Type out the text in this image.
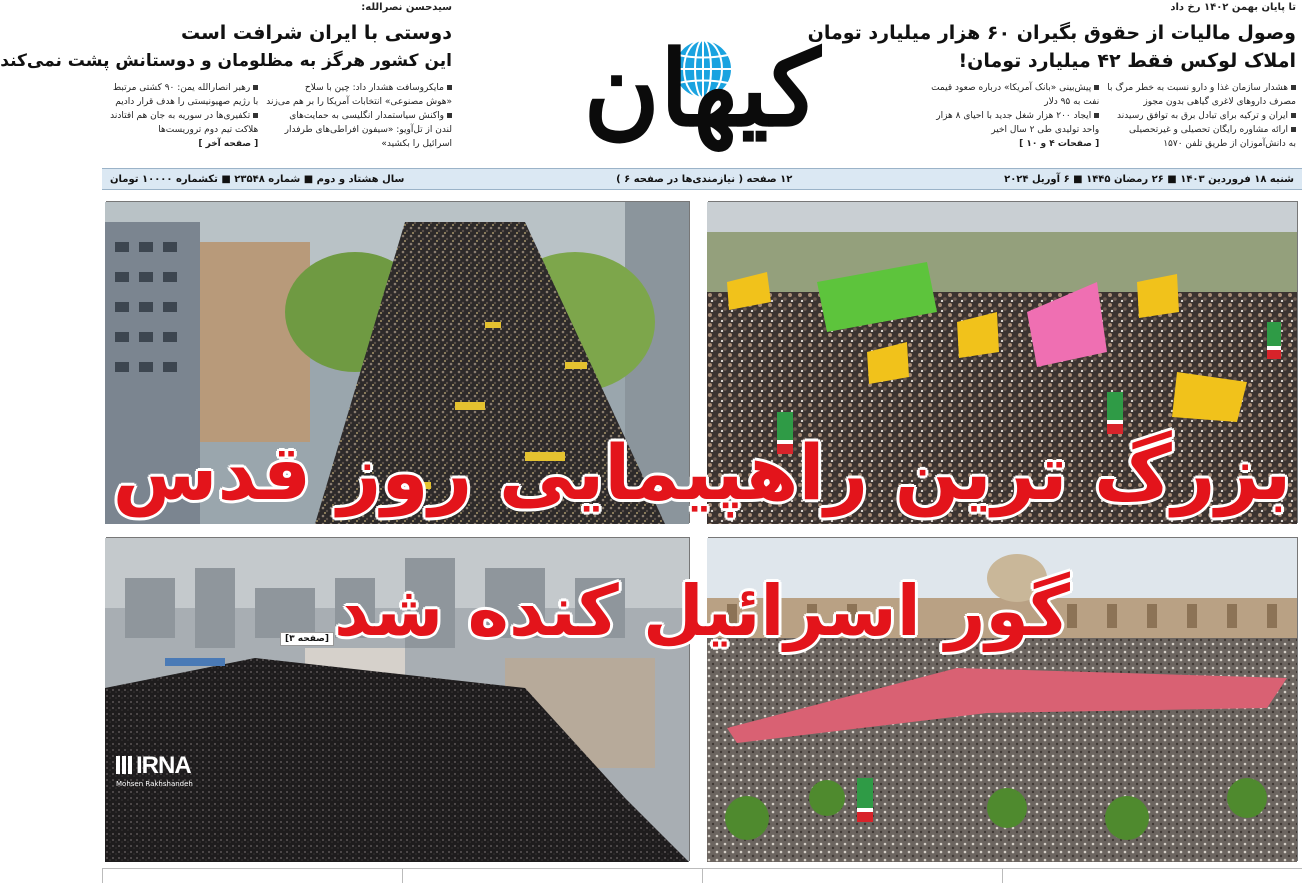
تا پایان بهمن ۱۴۰۲ رخ داد
وصول مالیات از حقوق بگیران ۶۰ هزار میلیارد تومان
املاک لوکس فقط ۴۲ میلیارد تومان!

هشدار سازمان غذا و دارو نسبت به خطر مرگ با

مصرف داروهای لاغری گیاهی بدون مجوز

ایران و ترکیه برای تبادل برق به توافق رسیدند

ارائه مشاوره رایگان تحصیلی و غیرتحصیلی

به دانش‌آموزان از طریق تلفن ۱۵۷۰

پیش‌بینی «بانک آمریکا» درباره صعود قیمت

نفت به ۹۵ دلار

ایجاد ۲۰۰ هزار شغل جدید با احیای ۸ هزار

واحد تولیدی طی ۲ سال اخیر

[ صفحات ۴ و ۱۰ ]

کیهان
سیدحسن نصرالله:
دوستی با ایران شرافت است
این کشور هرگز به مظلومان و دوستانش پشت نمی‌کند

مایکروسافت هشدار داد: چین با سلاح

«هوش مصنوعی» انتخابات آمریکا را بر هم می‌زند

واکنش سیاستمدار انگلیسی به حمایت‌های

لندن از تل‌آویو: «سیفون افراطی‌های طرفدار

اسرائیل را بکشید»

رهبر انصارالله یمن: ۹۰ کشتی مرتبط

با رژیم صهیونیستی را هدف قرار دادیم

تکفیری‌ها در سوریه به جان هم افتادند

هلاکت تیم دوم تروریست‌ها

[ صفحه آخر ]

شنبه ۱۸ فروردین ۱۴۰۳ ■ ۲۶ رمضان ۱۴۴۵ ■ ۶ آوریل ۲۰۲۴
۱۲ صفحه ( نیازمندی‌ها در صفحه ۶ )
سال هشتاد و دوم ■ شماره ۲۳۵۴۸ ■ تکشماره ۱۰۰۰۰ تومان
بزرگ ترین راهپیمایی روز قدس
گور اسرائیل کنده شد
[صفحه ۳]
IRNA
Mohsen Rakhshandeh
